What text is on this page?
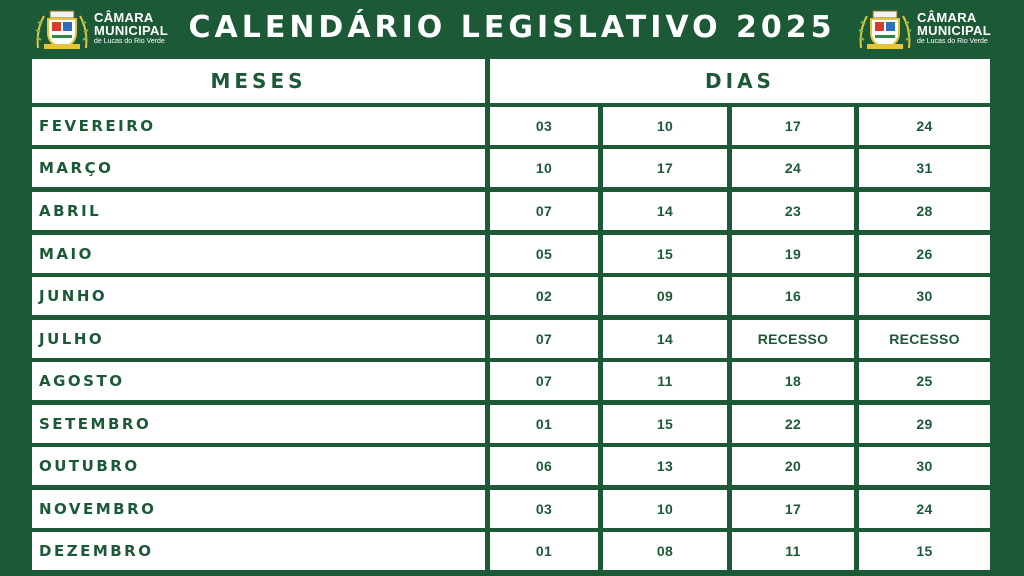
CÂMARA
MUNICIPAL
de Lucas do Rio Verde CALENDÁRIO LEGISLATIVO 2025	CÂMARA
MUNICIPAL
de Lucas do Rio Verde
MESES	DIAS
FEVEREIRO	03	10	17	24
MARÇO	10	17	24	31
ABRIL	07	14	23	28
MAIO	05	15	19	26
JUNHO	02	09	16	30
JULHO	07	14	RECESSO	RECESSO
AGOSTO	07	11	18	25
SETEMBRO	01	15	22	29
OUTUBRO	06	13	20	30
NOVEMBRO	03	10	17	24
DEZEMBRO	01	08	11	15
